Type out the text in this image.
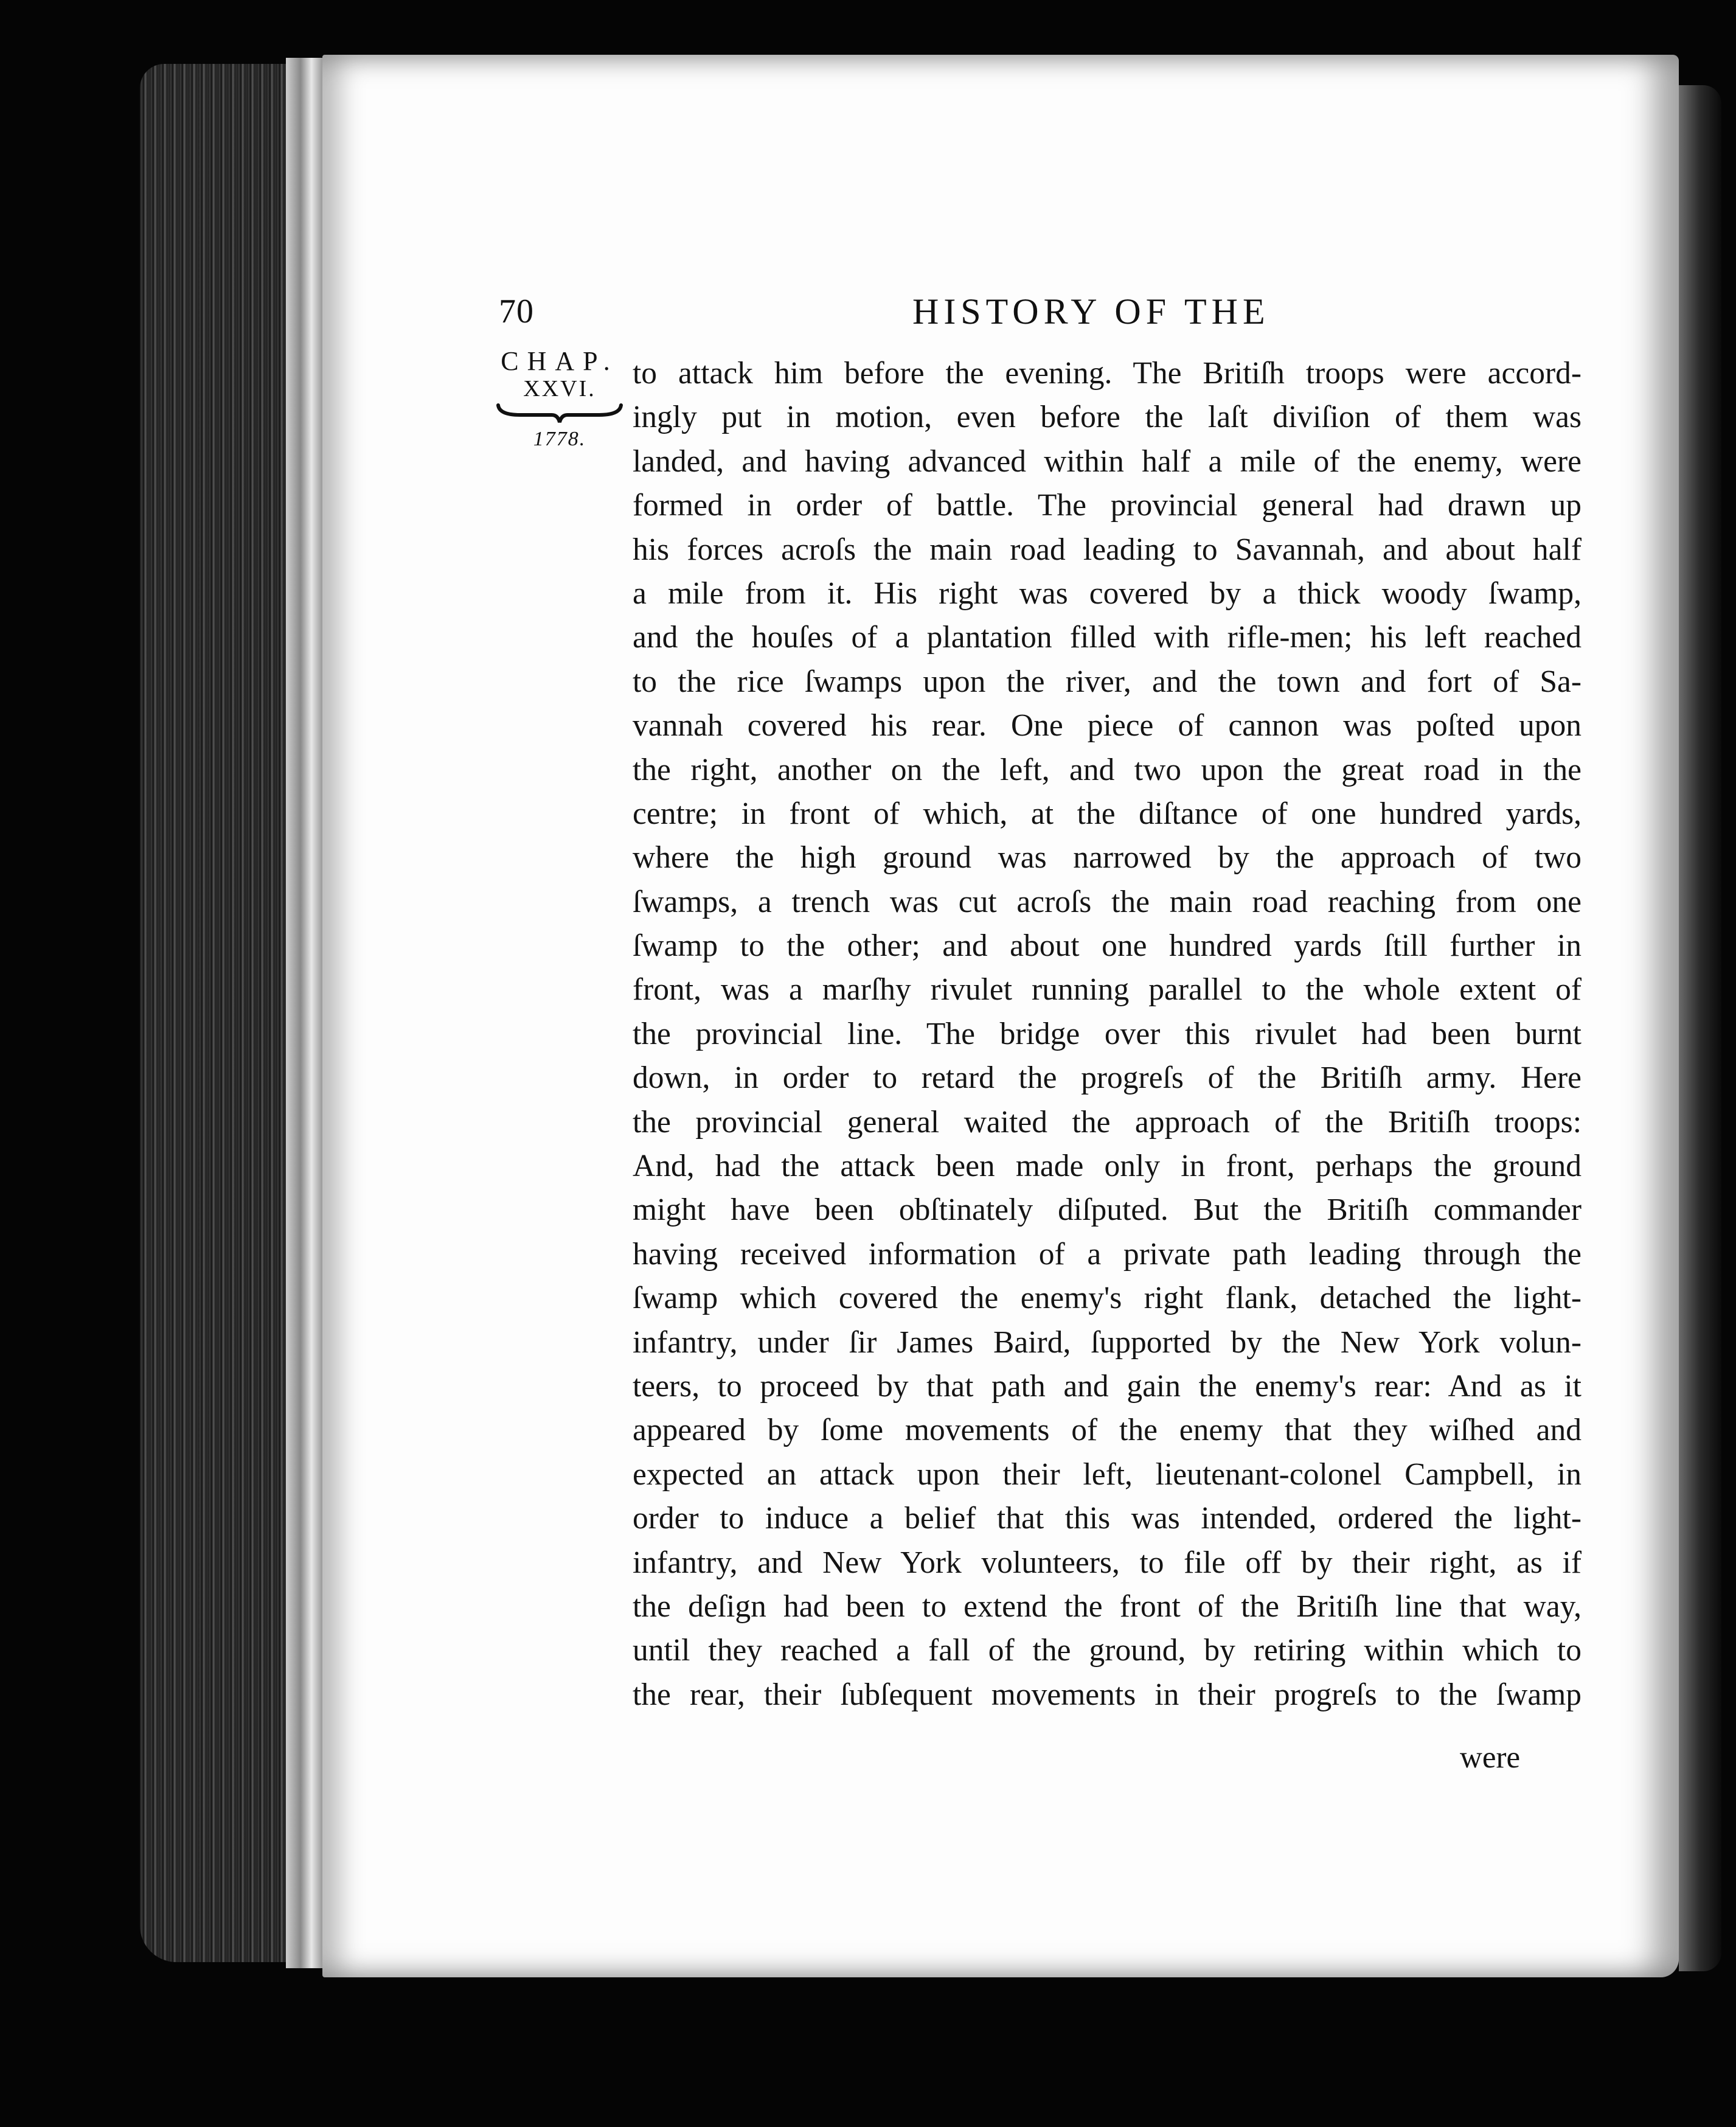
70	HISTORY OF THE
CHAP.
XXVI.
1778.
to attack him before the evening. The Britiſh troops were accord-
ingly put in motion, even before the laſt diviſion of them was
landed, and having advanced within half a mile of the enemy, were
formed in order of battle. The provincial general had drawn up
his forces acroſs the main road leading to Savannah, and about half
a mile from it. His right was covered by a thick woody ſwamp,
and the houſes of a plantation filled with rifle-men; his left reached
to the rice ſwamps upon the river, and the town and fort of Sa-
vannah covered his rear. One piece of cannon was poſted upon
the right, another on the left, and two upon the great road in the
centre; in front of which, at the diſtance of one hundred yards,
where the high ground was narrowed by the approach of two
ſwamps, a trench was cut acroſs the main road reaching from one
ſwamp to the other; and about one hundred yards ſtill further in
front, was a marſhy rivulet running parallel to the whole extent of
the provincial line. The bridge over this rivulet had been burnt
down, in order to retard the progreſs of the Britiſh army. Here
the provincial general waited the approach of the Britiſh troops:
And, had the attack been made only in front, perhaps the ground
might have been obſtinately diſputed. But the Britiſh commander
having received information of a private path leading through the
ſwamp which covered the enemy's right flank, detached the light-
infantry, under ſir James Baird, ſupported by the New York volun-
teers, to proceed by that path and gain the enemy's rear: And as it
appeared by ſome movements of the enemy that they wiſhed and
expected an attack upon their left, lieutenant-colonel Campbell, in
order to induce a belief that this was intended, ordered the light-
infantry, and New York volunteers, to file off by their right, as if
the deſign had been to extend the front of the Britiſh line that way,
until they reached a fall of the ground, by retiring within which to
the rear, their ſubſequent movements in their progreſs to the ſwamp
were
